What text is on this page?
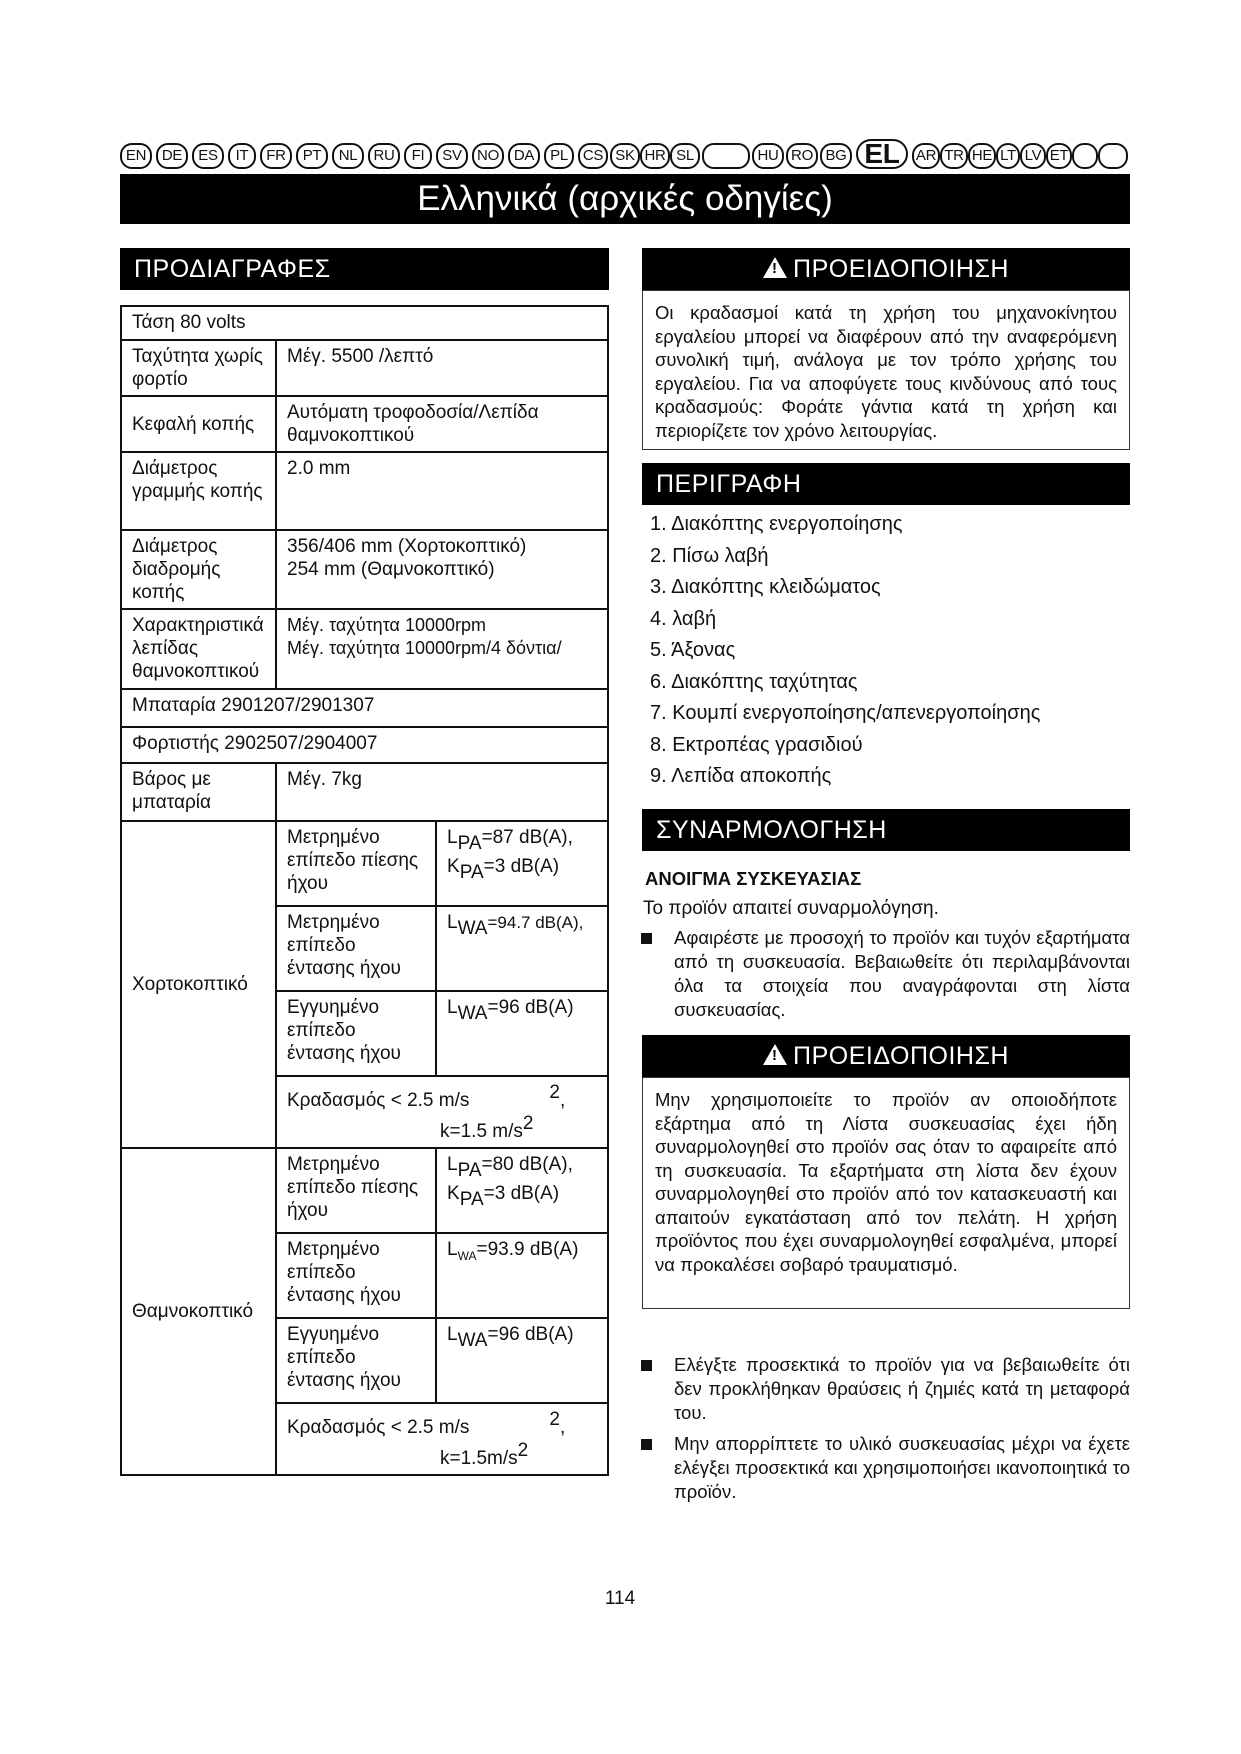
EN	DE	ES	IT	FR	PT	NL	RU	FI	SV	NO DA	PL	CS SK HR SL	HU RO BG EL	AR TR HE LT LV ET
Ελληνικά (αρχικές οδηγίες)
ΠΡΟΔΙΑΓΡΑΦΕΣ
Τάση 80 volts		
Ταχύτητα χωρίς φορτίο	Μέγ. 5500 /λεπτό	
Κεφαλή κοπής	Αυτόματη τροφοδοσία/Λεπίδα θαμνοκοπτικού	
Διάμετρος γραμμής κοπής	2.0 mm	
Διάμετρος διαδρομής κοπής	356/406 mm (Χορτοκοπτικό)
254 mm (Θαμνοκοπτικό)	
Χαρακτηριστικά λεπίδας θαμνοκοπτικού	Μέγ. ταχύτητα 10000rpm
Μέγ. ταχύτητα 10000rpm/4 δόντια/	
Μπαταρία 2901207/2901307		
Φορτιστής 2902507/2904007		
Βάρος με μπαταρία	Μέγ. 7kg	
Χορτοκοπτικό	Μετρημένο επίπεδο πίεσης ήχου	$L_{PA}=87$ dB(A),
$K_{PA}=3$ dB(A)
	Μετρημένο επίπεδο έντασης ήχου	$L_{WA}=94.7$ dB(A),
	Εγγυημένο επίπεδο έντασης ήχου	$L_{WA}=96$ dB(A)
	Κραδασμός < 2.5 m/s $^2$,
k=1.5 $m/s^2$
Θαμνοκοπτικό	Μετρημένο επίπεδο πίεσης ήχου	$L_{PA}=80$ dB(A),
$K_{PA}=3$ dB(A)
	Μετρημένο επίπεδο έντασης ήχου	$L_{WA}=93.9$ dB(A)
	Εγγυημένο επίπεδο έντασης ήχου	$L_{WA}=96$ dB(A)
	Κραδασμός < 2.5 m/s $^2$,
$k=1.5m/s^2$
!ΠΡΟΕΙΔΟΠΟΙΗΣΗ
Οι κραδασμοί κατά τη χρήση του μηχανοκίνητου εργαλείου μπορεί να διαφέρουν από την αναφερόμενη συνολική τιμή, ανάλογα με τον τρόπο χρήσης του εργαλείου. Για να αποφύγετε τους κινδύνους από τους κραδασμούς: Φοράτε γάντια κατά τη χρήση και περιορίζετε τον χρόνο λειτουργίας.
ΠΕΡΙΓΡΑΦΗ
1. Διακόπτης ενεργοποίησης
2. Πίσω λαβή
3. Διακόπτης κλειδώματος
4. λαβή
5. Άξονας
6. Διακόπτης ταχύτητας
7. Κουμπί ενεργοποίησης/απενεργοποίησης
8. Εκτροπέας γρασιδιού
9. Λεπίδα αποκοπής
ΣΥΝΑΡΜΟΛΟΓΗΣΗ
ΑΝΟΙΓΜΑ ΣΥΣΚΕΥΑΣΙΑΣ
Το προϊόν απαιτεί συναρμολόγηση.
Αφαιρέστε με προσοχή το προϊόν και τυχόν εξαρτήματα από τη συσκευασία. Βεβαιωθείτε ότι περιλαμβάνονται όλα τα στοιχεία που αναγράφονται στη λίστα συσκευασίας.
!ΠΡΟΕΙΔΟΠΟΙΗΣΗ
Μην χρησιμοποιείτε το προϊόν αν οποιοδήποτε εξάρτημα από τη Λίστα συσκευασίας έχει ήδη συναρμολογηθεί στο προϊόν σας όταν το αφαιρείτε από τη συσκευασία. Τα εξαρτήματα στη λίστα δεν έχουν συναρμολογηθεί στο προϊόν από τον κατασκευαστή και απαιτούν εγκατάσταση από τον πελάτη. Η χρήση προϊόντος που έχει συναρμολογηθεί εσφαλμένα, μπορεί να προκαλέσει σοβαρό τραυματισμό.
Ελέγξτε προσεκτικά το προϊόν για να βεβαιωθείτε ότι δεν προκλήθηκαν θραύσεις ή ζημιές κατά τη μεταφορά του.
Μην απορρίπτετε το υλικό συσκευασίας μέχρι να έχετε ελέγξει προσεκτικά και χρησιμοποιήσει ικανοποιητικά το προϊόν.
114
